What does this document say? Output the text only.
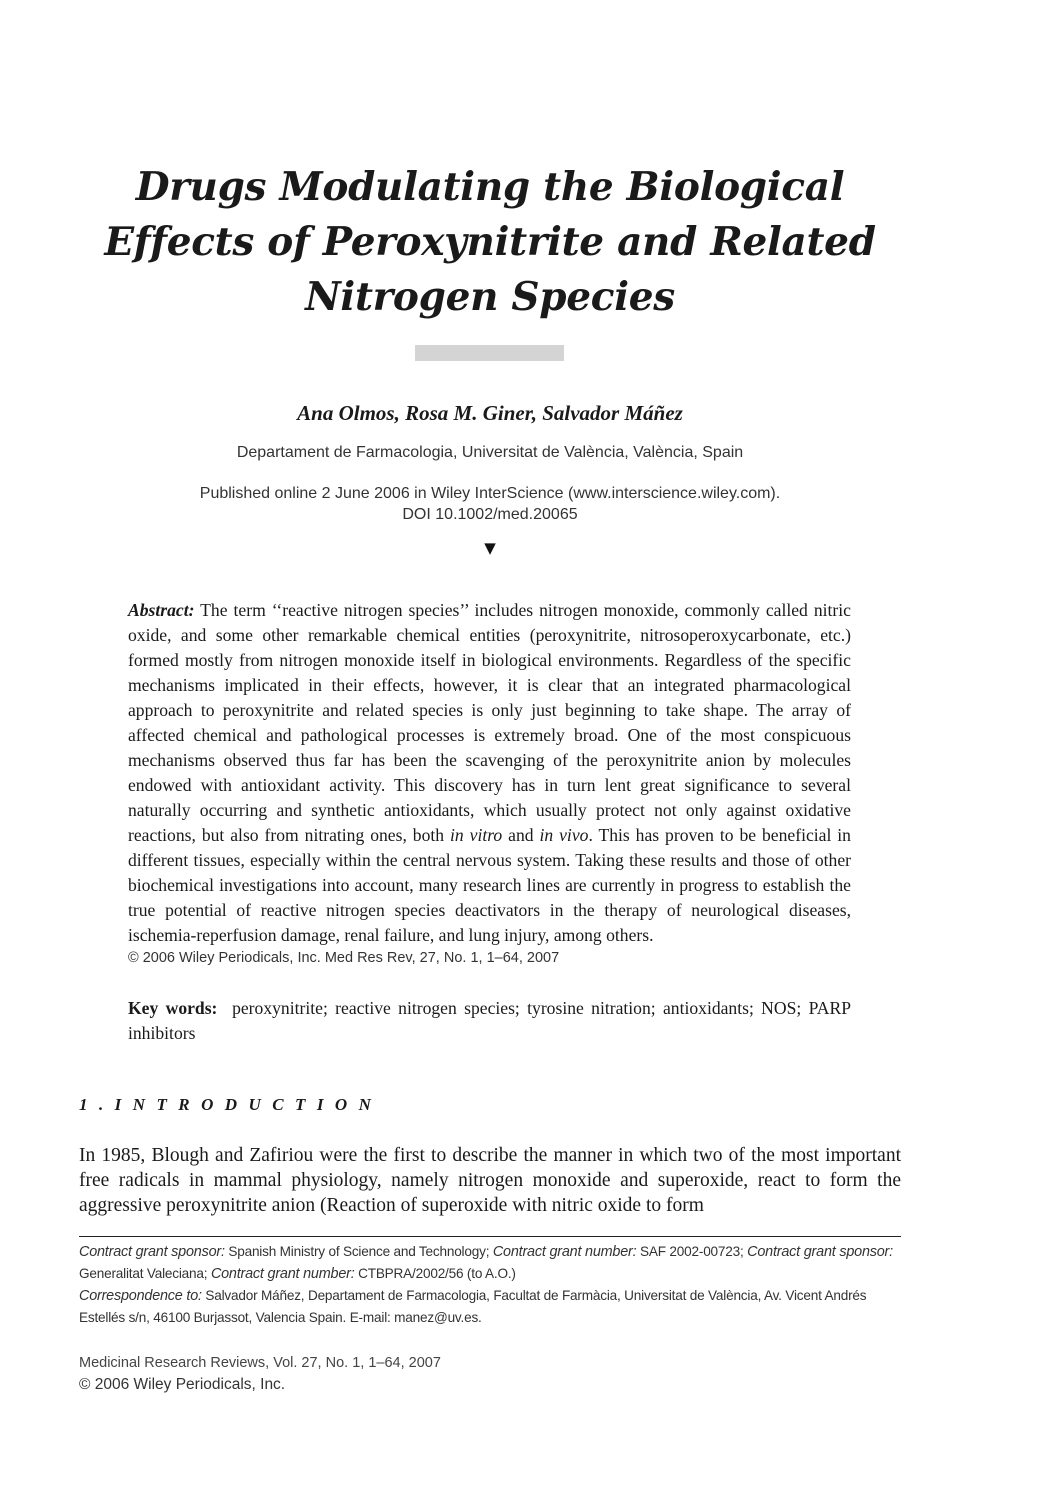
Drugs Modulating the Biological
Effects of Peroxynitrite and Related
Nitrogen Species
Ana Olmos, Rosa M. Giner, Salvador Máñez
Departament de Farmacologia, Universitat de València, València, Spain
Published online 2 June 2006 in Wiley InterScience (www.interscience.wiley.com).
DOI 10.1002/med.20065
▼

Abstract: The term ‘‘reactive nitrogen species’’ includes nitrogen monoxide, commonly called nitric oxide, and some other remarkable chemical entities (peroxynitrite, nitrosoperoxycarbonate, etc.) formed mostly from nitrogen monoxide itself in biological environments. Regardless of the specific mechanisms implicated in their effects, however, it is clear that an integrated pharmacological approach to peroxynitrite and related species is only just beginning to take shape. The array of affected chemical and pathological processes is extremely broad. One of the most conspicuous mechanisms observed thus far has been the scavenging of the peroxynitrite anion by molecules endowed with antioxidant activity. This discovery has in turn lent great significance to several naturally occurring and synthetic antioxidants, which usually protect not only against oxidative reactions, but also from nitrating ones, both in vitro and in vivo. This has proven to be beneficial in different tissues, especially within the central nervous system. Taking these results and those of other biochemical investigations into account, many research lines are currently in progress to establish the true potential of reactive nitrogen species deactivators in the therapy of neurological diseases, ischemia-reperfusion damage, renal failure, and lung injury, among others.

© 2006 Wiley Periodicals, Inc. Med Res Rev, 27, No. 1, 1–64, 2007

Key words: peroxynitrite; reactive nitrogen species; tyrosine nitration; antioxidants; NOS; PARP inhibitors

1 . I N T R O D U C T I O N

In 1985, Blough and Zafiriou were the first to describe the manner in which two of the most important free radicals in mammal physiology, namely nitrogen monoxide and superoxide, react to form the aggressive peroxynitrite anion (Reaction of superoxide with nitric oxide to form

Contract grant sponsor: Spanish Ministry of Science and Technology; Contract grant number: SAF 2002-00723; Contract grant sponsor: Generalitat Valeciana; Contract grant number: CTBPRA/2002/56 (to A.O.)
Correspondence to: Salvador Máñez, Departament de Farmacologia, Facultat de Farmàcia, Universitat de València, Av. Vicent Andrés Estellés s/n, 46100 Burjassot, Valencia Spain. E-mail: manez@uv.es.

Medicinal Research Reviews, Vol. 27, No. 1, 1–64, 2007
© 2006 Wiley Periodicals, Inc.
